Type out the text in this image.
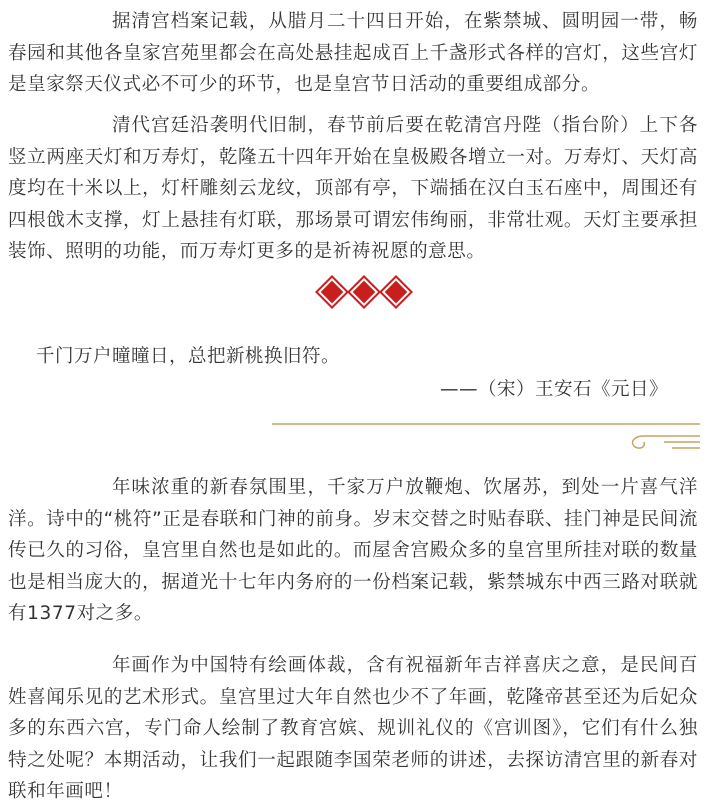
据清宫档案记载，从腊月二十四日开始，在紫禁城、圆明园一带，畅春园和其他各皇家宫苑里都会在高处悬挂起成百上千盏形式各样的宫灯，这些宫灯是皇家祭天仪式必不可少的环节，也是皇宫节日活动的重要组成部分。

清代宫廷沿袭明代旧制，春节前后要在乾清宫丹陛（指台阶）上下各竖立两座天灯和万寿灯，乾隆五十四年开始在皇极殿各增立一对。万寿灯、天灯高度均在十米以上，灯杆雕刻云龙纹，顶部有亭，下端插在汉白玉石座中，周围还有四根戗木支撑，灯上悬挂有灯联，那场景可谓宏伟绚丽，非常壮观。天灯主要承担装饰、照明的功能，而万寿灯更多的是祈祷祝愿的意思。

千门万户曈曈日，总把新桃换旧符。

——（宋）王安石《元日》

年味浓重的新春氛围里，千家万户放鞭炮、饮屠苏，到处一片喜气洋洋。诗中的“桃符”正是春联和门神的前身。岁末交替之时贴春联、挂门神是民间流传已久的习俗，皇宫里自然也是如此的。而屋舍宫殿众多的皇宫里所挂对联的数量也是相当庞大的，据道光十七年内务府的一份档案记载，紫禁城东中西三路对联就有1377对之多。

年画作为中国特有绘画体裁，含有祝福新年吉祥喜庆之意，是民间百姓喜闻乐见的艺术形式。皇宫里过大年自然也少不了年画，乾隆帝甚至还为后妃众多的东西六宫，专门命人绘制了教育宫嫔、规训礼仪的《宫训图》，它们有什么独特之处呢？本期活动，让我们一起跟随李国荣老师的讲述，去探访清宫里的新春对联和年画吧！
